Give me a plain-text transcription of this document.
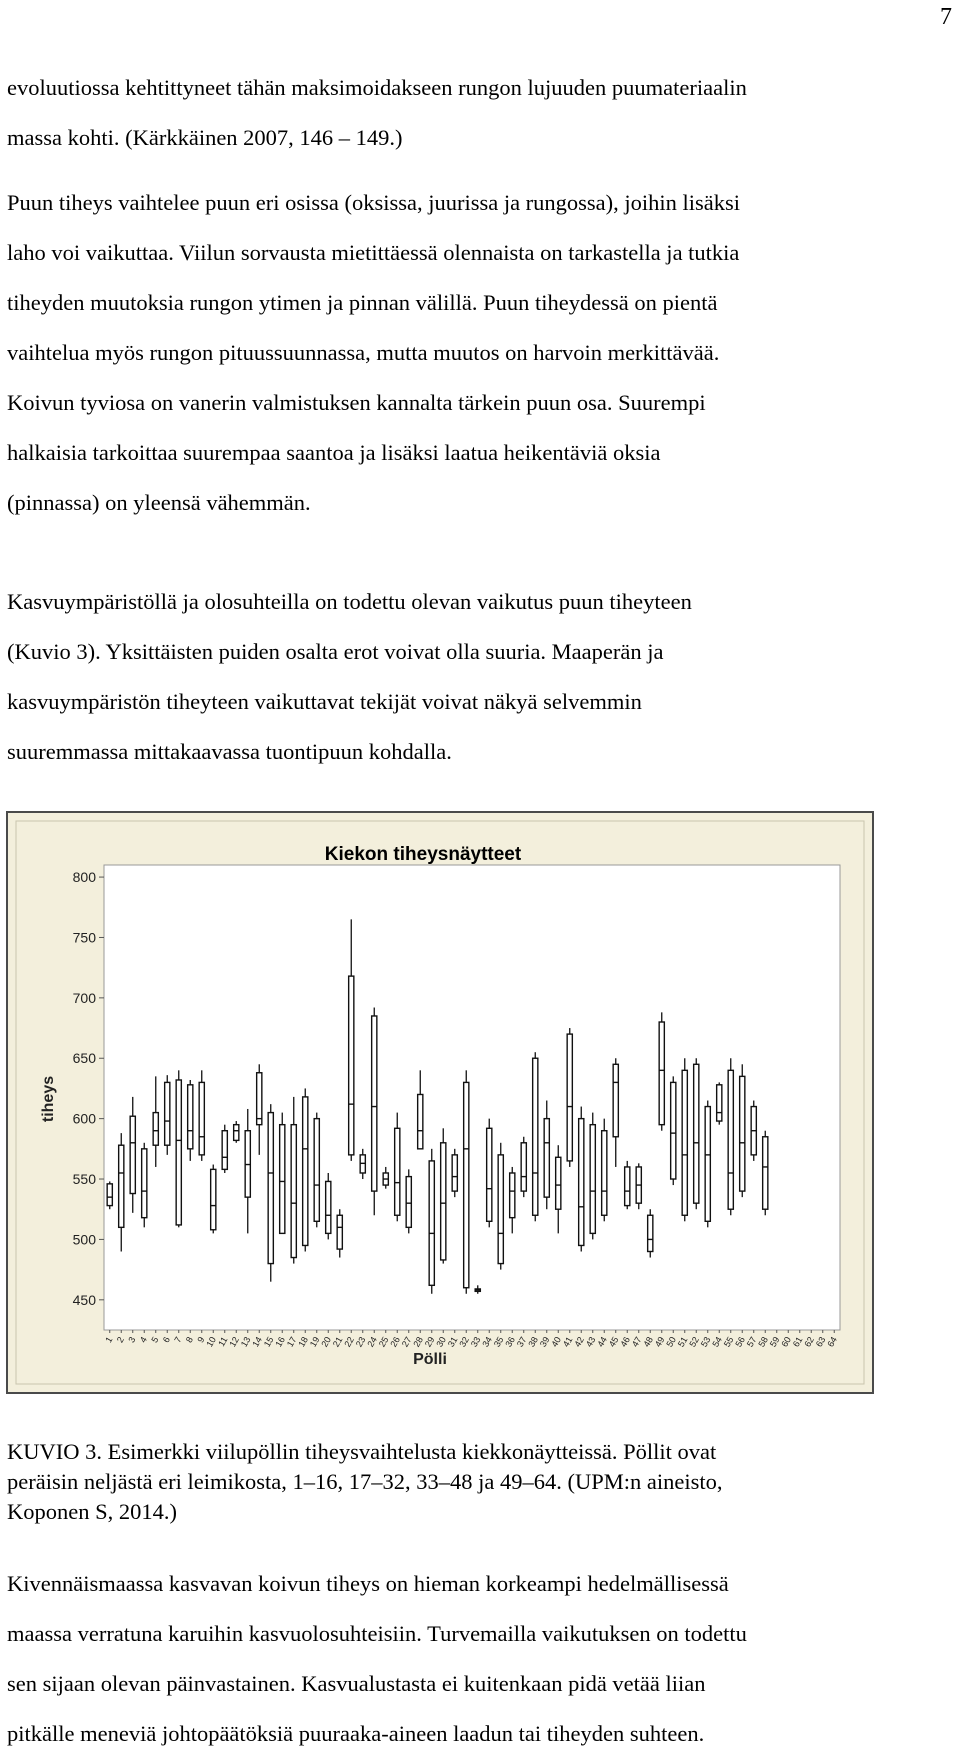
7
evoluutiossa kehtittyneet tähän maksimoidakseen rungon lujuuden puumateriaalin
massa kohti. (Kärkkäinen 2007, 146 – 149.)
Puun tiheys vaihtelee puun eri osissa (oksissa, juurissa ja rungossa), joihin lisäksi
laho voi vaikuttaa. Viilun sorvausta mietittäessä olennaista on tarkastella ja tutkia
tiheyden muutoksia rungon ytimen ja pinnan välillä. Puun tiheydessä on pientä
vaihtelua myös rungon pituussuunnassa, mutta muutos on harvoin merkittävää.
Koivun tyviosa on vanerin valmistuksen kannalta tärkein puun osa. Suurempi
halkaisia tarkoittaa suurempaa saantoa ja lisäksi laatua heikentäviä oksia
(pinnassa) on yleensä vähemmän.
Kasvuympäristöllä ja olosuhteilla on todettu olevan vaikutus puun tiheyteen
(Kuvio 3). Yksittäisten puiden osalta erot voivat olla suuria. Maaperän ja
kasvuympäristön tiheyteen vaikuttavat tekijät voivat näkyä selvemmin
suuremmassa mittakaavassa tuontipuun kohdalla.
Kiekon tiheysnäytteet
Pölli
tiheys
450
500
550
600
650
700
750
800
1 2 3 4 5 6 7 8 9
10
11
12
13
14
15
16
17
18
19
20
21
22
23
24
25
26
27
28
29
30
31
32
33
34
35
36
37
38
39
40
41
42
43
44
45
46
47
48
49
50
51
52
53
54
55
56
57
58
59
60
61
62
63
64
KUVIO 3. Esimerkki viilupöllin tiheysvaihtelusta kiekkonäytteissä. Pöllit ovat
peräisin neljästä eri leimikosta, 1–16, 17–32, 33–48 ja 49–64. (UPM:n aineisto,
Koponen S, 2014.)
Kivennäismaassa kasvavan koivun tiheys on hieman korkeampi hedelmällisessä
maassa verratuna karuihin kasvuolosuhteisiin. Turvemailla vaikutuksen on todettu
sen sijaan olevan päinvastainen. Kasvualustasta ei kuitenkaan pidä vetää liian
pitkälle meneviä johtopäätöksiä puuraaka-aineen laadun tai tiheyden suhteen.
